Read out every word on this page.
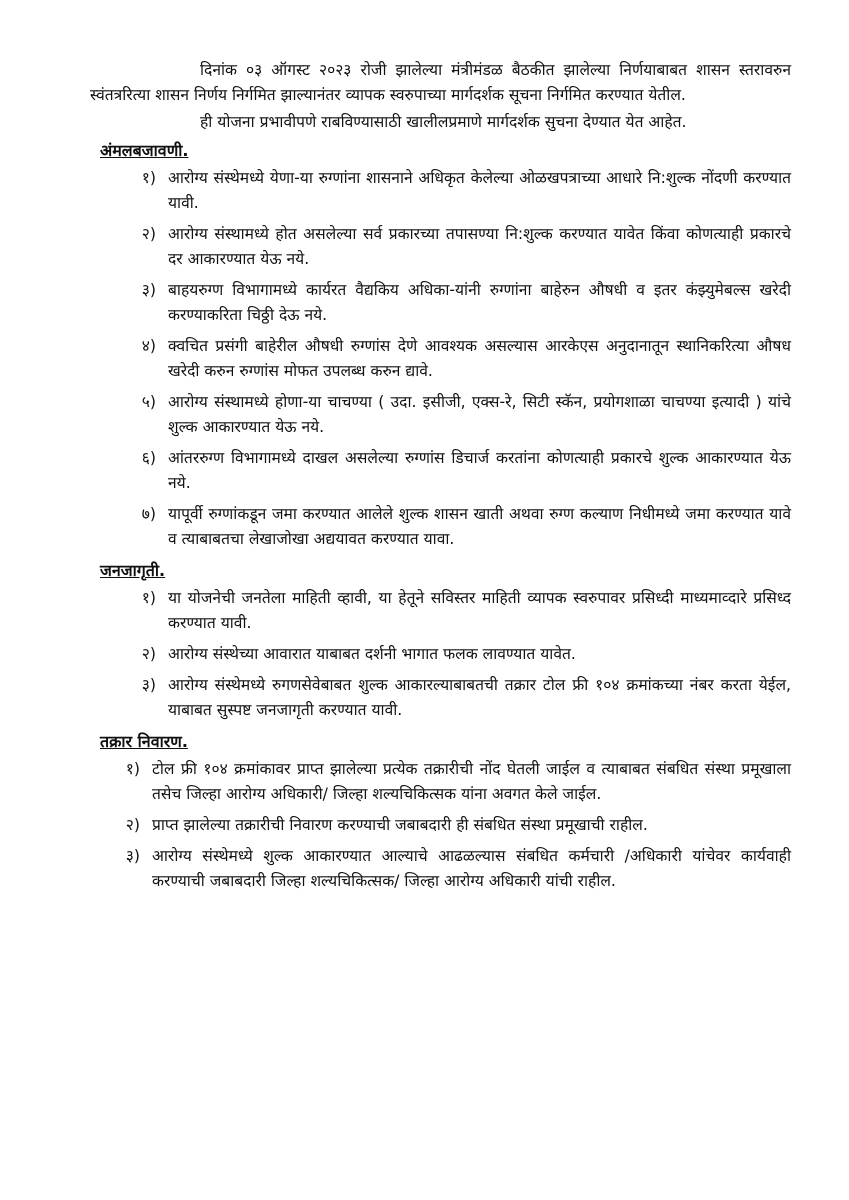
दिनांक ०३ ऑगस्ट २०२३ रोजी झालेल्या मंत्रीमंडळ बैठकीत झालेल्या निर्णयाबाबत शासन स्तरावरुन स्वंतत्ररित्या शासन निर्णय निर्गमित झाल्यानंतर व्यापक स्वरुपाच्या मार्गदर्शक सूचना निर्गमित करण्यात येतील.

ही योजना प्रभावीपणे राबविण्यासाठी खालीलप्रमाणे मार्गदर्शक सुचना देण्यात येत आहेत.

अंमलबजावणी.
१) आरोग्य संस्थेमध्ये येणा-या रुग्णांना शासनाने अधिकृत केलेल्या ओळखपत्राच्या आधारे नि:शुल्क नोंदणी करण्यात यावी.
२) आरोग्य संस्थामध्ये होत असलेल्या सर्व प्रकारच्या तपासण्या नि:शुल्क करण्यात यावेत किंवा कोणत्याही प्रकारचे दर आकारण्यात येऊ नये.
३) बाहयरुग्ण विभागामध्ये कार्यरत वैद्यकिय अधिका-यांनी रुग्णांना बाहेरुन औषधी व इतर कंझ्युमेबल्स खरेदी करण्याकरिता चिठ्ठी देऊ नये.
४) क्वचित प्रसंगी बाहेरील औषधी रुग्णांस देणे आवश्यक असल्यास आरकेएस अनुदानातून स्थानिकरित्या औषध खरेदी करुन रुग्णांस मोफत उपलब्ध करुन द्यावे.
५) आरोग्य संस्थामध्ये होणा-या चाचण्या ( उदा. इसीजी, एक्स-रे, सिटी स्कॅन, प्रयोगशाळा चाचण्या इत्यादी ) यांचे शुल्क आकारण्यात येऊ नये.
६) आंतररुग्ण विभागामध्ये दाखल असलेल्या रुग्णांस डिचार्ज करतांना कोणत्याही प्रकारचे शुल्क आकारण्यात येऊ नये.
७) यापूर्वी रुग्णांकडून जमा करण्यात आलेले शुल्क शासन खाती अथवा रुग्ण कल्याण निधीमध्ये जमा करण्यात यावे व त्याबाबतचा लेखाजोखा अद्ययावत करण्यात यावा.
जनजागृती.
१) या योजनेची जनतेला माहिती व्हावी, या हेतूने सविस्तर माहिती व्यापक स्वरुपावर प्रसिध्दी माध्यमाव्दारे प्रसिध्द करण्यात यावी.
२) आरोग्य संस्थेच्या आवारात याबाबत दर्शनी भागात फलक लावण्यात यावेत.
३) आरोग्य संस्थेमध्ये रुगणसेवेबाबत शुल्क आकारल्याबाबतची तक्रार टोल फ्री १०४ क्रमांकच्या नंबर करता येईल, याबाबत सुस्पष्ट जनजागृती करण्यात यावी.
तक्रार निवारण.
१) टोल फ्री १०४ क्रमांकावर प्राप्त झालेल्या प्रत्येक तक्रारीची नोंद घेतली जाईल व त्याबाबत संबधित संस्था प्रमूखाला तसेच जिल्हा आरोग्य अधिकारी/ जिल्हा शल्यचिकित्सक यांना अवगत केले जाईल.
२) प्राप्त झालेल्या तक्रारीची निवारण करण्याची जबाबदारी ही संबधित संस्था प्रमूखाची राहील.
३) आरोग्य संस्थेमध्ये शुल्क आकारण्यात आल्याचे आढळल्यास संबधित कर्मचारी /अधिकारी यांचेवर कार्यवाही करण्याची जबाबदारी जिल्हा शल्यचिकित्सक/ जिल्हा आरोग्य अधिकारी यांची राहील.
